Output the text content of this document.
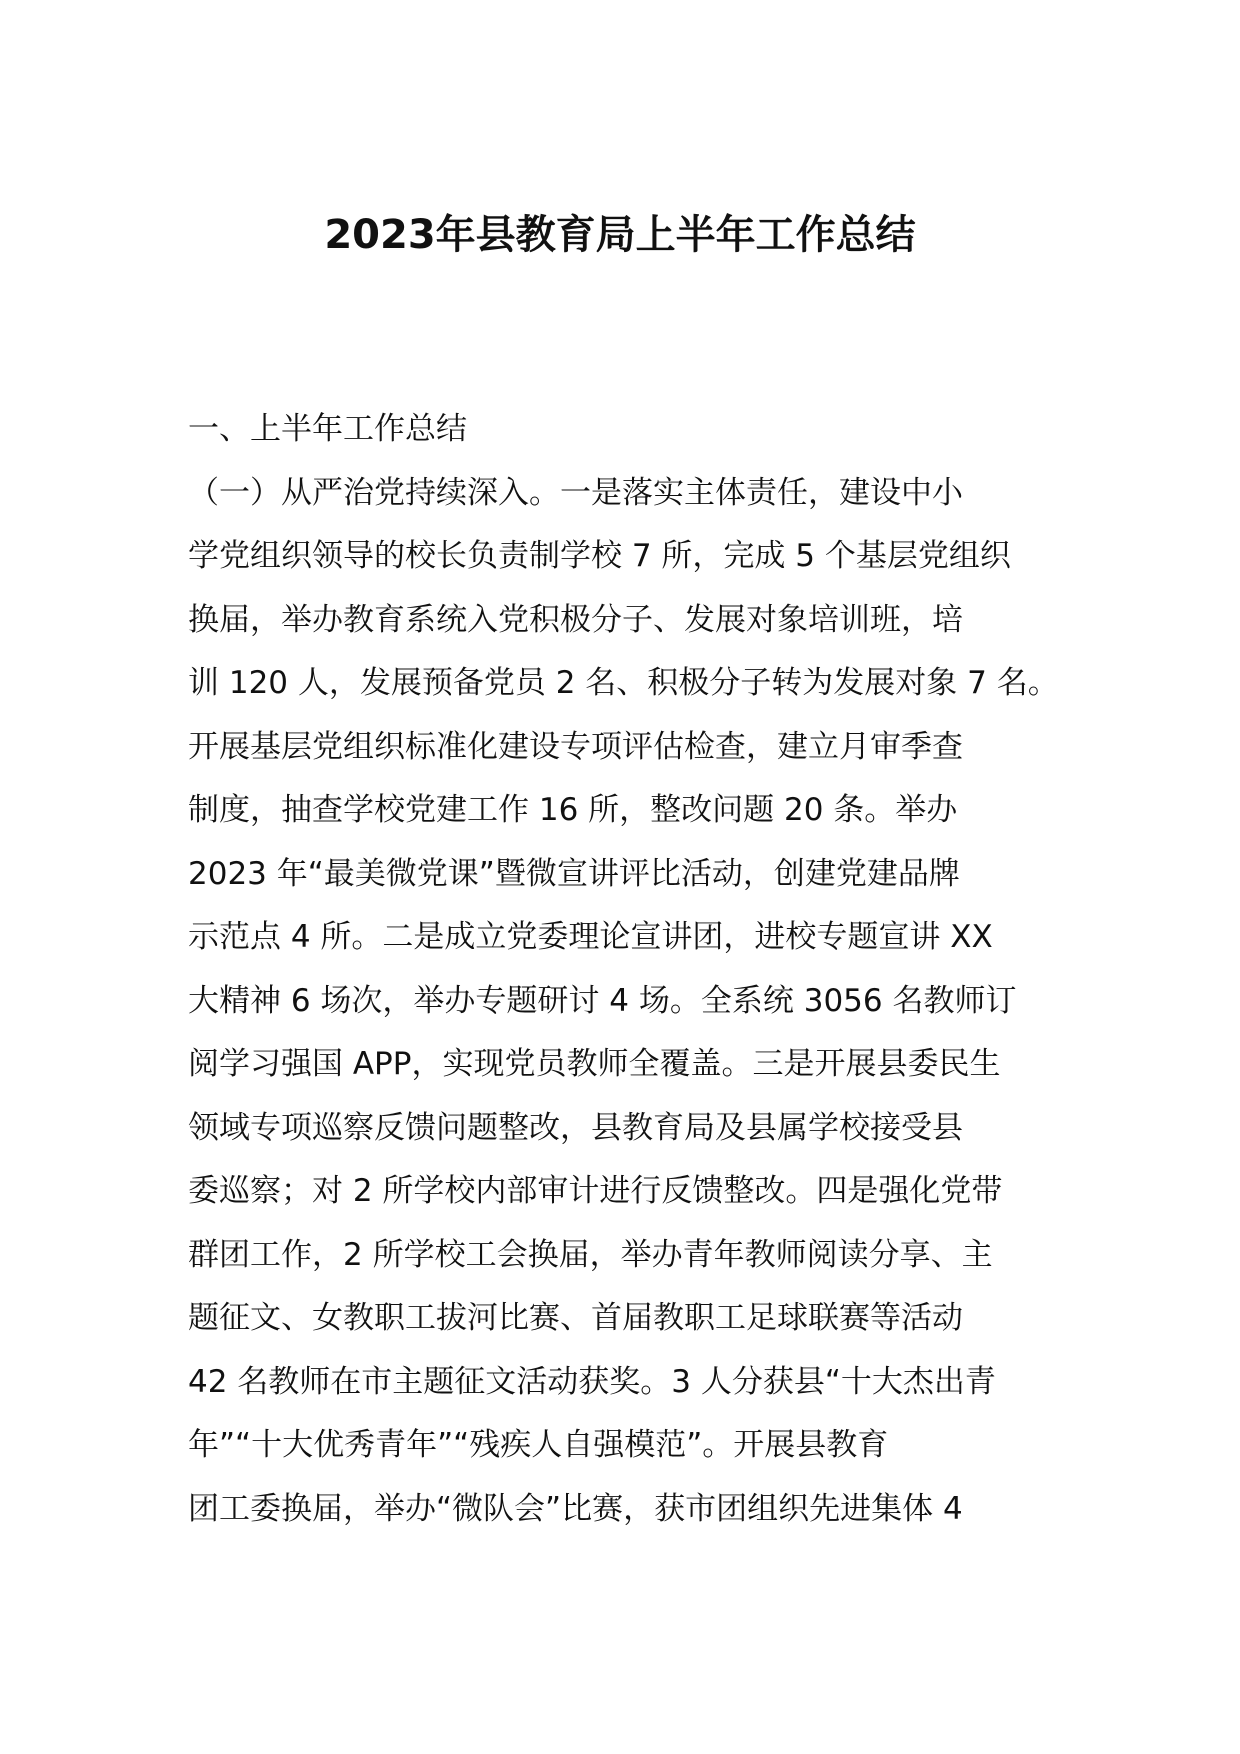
2023年县教育局上半年工作总结

一、上半年工作总结

（一）从严治党持续深入。一是落实主体责任，建设中小

学党组织领导的校长负责制学校 7 所，完成 5 个基层党组织

换届，举办教育系统入党积极分子、发展对象培训班，培

训 120 人，发展预备党员 2 名、积极分子转为发展对象 7 名。

开展基层党组织标准化建设专项评估检查，建立月审季查

制度，抽查学校党建工作 16 所，整改问题 20 条。举办

2023 年“最美微党课”暨微宣讲评比活动，创建党建品牌

示范点 4 所。二是成立党委理论宣讲团，进校专题宣讲 XX

大精神 6 场次，举办专题研讨 4 场。全系统 3056 名教师订

阅学习强国 APP，实现党员教师全覆盖。三是开展县委民生

领域专项巡察反馈问题整改，县教育局及县属学校接受县

委巡察；对 2 所学校内部审计进行反馈整改。四是强化党带

群团工作，2 所学校工会换届，举办青年教师阅读分享、主

题征文、女教职工拔河比赛、首届教职工足球联赛等活动

42 名教师在市主题征文活动获奖。3 人分获县“十大杰出青

年”“十大优秀青年”“残疾人自强模范”。开展县教育

团工委换届，举办“微队会”比赛，获市团组织先进集体 4
